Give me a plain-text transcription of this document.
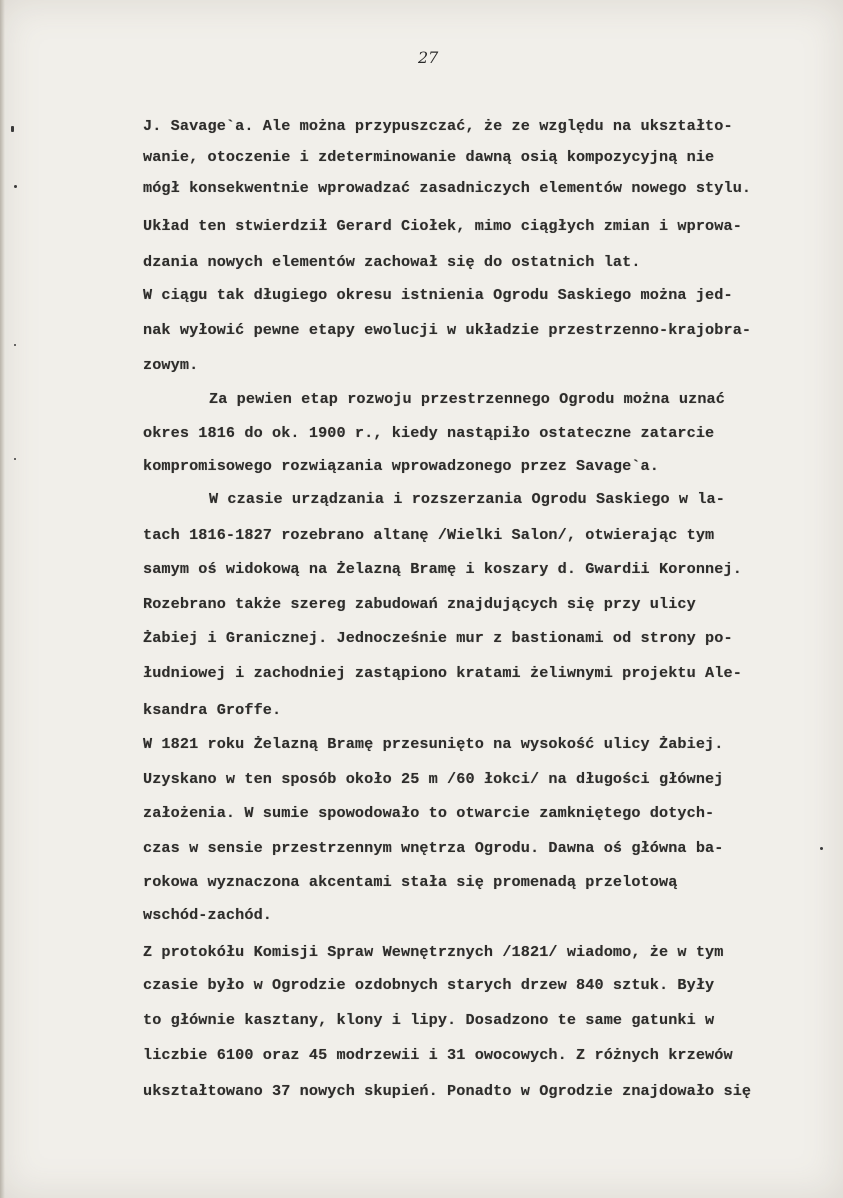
27
J. Savage`a. Ale można przypuszczać, że ze względu na ukształto-
wanie, otoczenie i zdeterminowanie dawną osią kompozycyjną nie
mógł konsekwentnie wprowadzać zasadniczych elementów nowego stylu.
Układ ten stwierdził Gerard Ciołek, mimo ciągłych zmian i wprowa-
dzania nowych elementów zachował się do ostatnich lat.
W ciągu tak długiego okresu istnienia Ogrodu Saskiego można jed-
nak wyłowić pewne etapy ewolucji w układzie przestrzenno-krajobra-
zowym.
Za pewien etap rozwoju przestrzennego Ogrodu można uznać
okres 1816 do ok. 1900 r., kiedy nastąpiło ostateczne zatarcie
kompromisowego rozwiązania wprowadzonego przez Savage`a.
W czasie urządzania i rozszerzania Ogrodu Saskiego w la-
tach 1816-1827 rozebrano altanę /Wielki Salon/, otwierając tym
samym oś widokową na Żelazną Bramę i koszary d. Gwardii Koronnej.
Rozebrano także szereg zabudowań znajdujących się przy ulicy
Żabiej i Granicznej. Jednocześnie mur z bastionami od strony po-
łudniowej i zachodniej zastąpiono kratami żeliwnymi projektu Ale-
ksandra Groffe.
W 1821 roku Żelazną Bramę przesunięto na wysokość ulicy Żabiej.
Uzyskano w ten sposób około 25 m /60 łokci/ na długości głównej
założenia. W sumie spowodowało to otwarcie zamkniętego dotych-
czas w sensie przestrzennym wnętrza Ogrodu. Dawna oś główna ba-
rokowa wyznaczona akcentami stała się promenadą przelotową
wschód-zachód.
Z protokółu Komisji Spraw Wewnętrznych /1821/ wiadomo, że w tym
czasie było w Ogrodzie ozdobnych starych drzew 840 sztuk. Były
to głównie kasztany, klony i lipy. Dosadzono te same gatunki w
liczbie 6100 oraz 45 modrzewii i 31 owocowych. Z różnych krzewów
ukształtowano 37 nowych skupień. Ponadto w Ogrodzie znajdowało się
